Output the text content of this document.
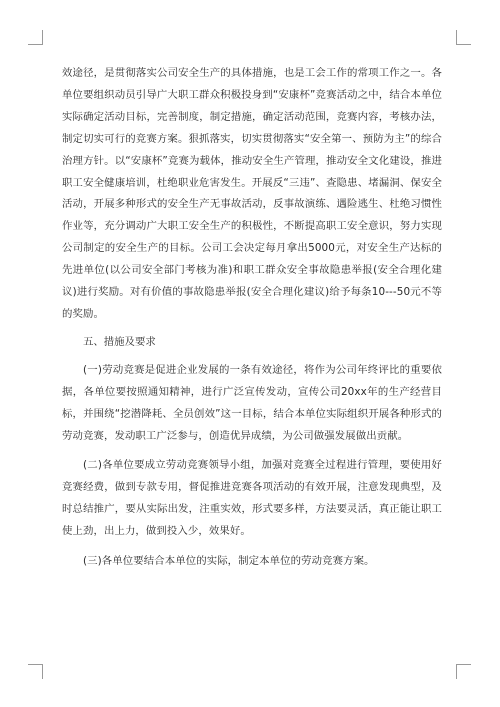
效途径，是贯彻落实公司安全生产的具体措施，也是工会工作的常项工作之一。各单位要组织动员引导广大职工群众积极投身到“安康杯”竞赛活动之中，结合本单位实际确定活动目标，完善制度，制定措施，确定活动范围，竞赛内容，考核办法，制定切实可行的竞赛方案。狠抓落实，切实贯彻落实“安全第一、预防为主”的综合治理方针。以“安康杯”竞赛为载体，推动安全生产管理，推动安全文化建设，推进职工安全健康培训，杜绝职业危害发生。开展反“三违”、查隐患、堵漏洞、保安全活动，开展多种形式的安全生产无事故活动，反事故演练、遇险逃生、杜绝习惯性作业等，充分调动广大职工安全生产的积极性，不断提高职工安全意识，努力实现公司制定的安全生产的目标。公司工会决定每月拿出5000元，对安全生产达标的先进单位(以公司安全部门考核为准)和职工群众安全事故隐患举报(安全合理化建议)进行奖励。对有价值的事故隐患举报(安全合理化建议)给予每条10---50元不等的奖励。

五、措施及要求

(一)劳动竞赛是促进企业发展的一条有效途径，将作为公司年终评比的重要依据，各单位要按照通知精神，进行广泛宣传发动，宣传公司20xx年的生产经营目标，并围绕“挖潜降耗、全员创效”这一目标，结合本单位实际组织开展各种形式的劳动竞赛，发动职工广泛参与，创造优异成绩，为公司做强发展做出贡献。

(二)各单位要成立劳动竞赛领导小组，加强对竞赛全过程进行管理，要使用好竞赛经费，做到专款专用，督促推进竞赛各项活动的有效开展，注意发现典型，及时总结推广，要从实际出发，注重实效，形式要多样，方法要灵活，真正能让职工使上劲，出上力，做到投入少，效果好。

(三)各单位要结合本单位的实际，制定本单位的劳动竞赛方案。
